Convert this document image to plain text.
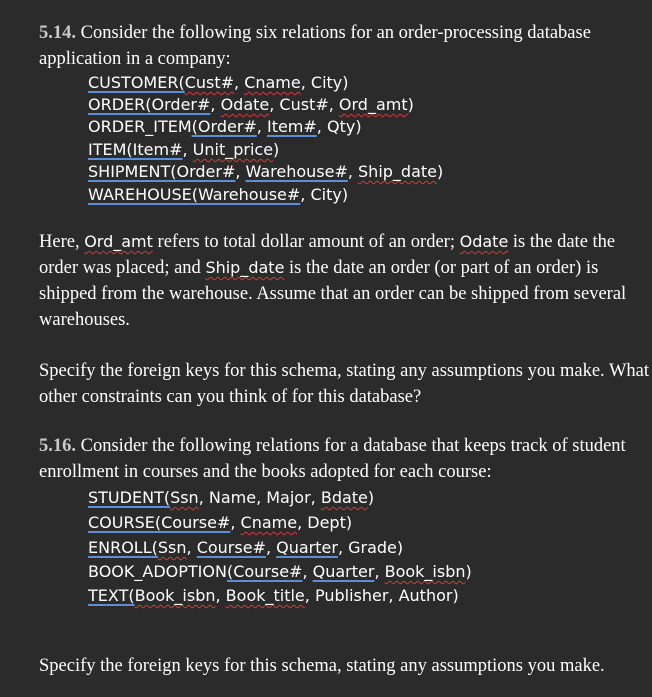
5.14. Consider the following six relations for an order-processing database
application in a company:
CUSTOMER(Cust#, Cname, City)
ORDER(Order#, Odate, Cust#, Ord_amt)
ORDER_ITEM(Order#, Item#, Qty)
ITEM(Item#, Unit_price)
SHIPMENT(Order#, Warehouse#, Ship_date)
WAREHOUSE(Warehouse#, City)
Here, Ord_amt refers to total dollar amount of an order; Odate is the date the
order was placed; and Ship_date is the date an order (or part of an order) is
shipped from the warehouse. Assume that an order can be shipped from several
warehouses.
Specify the foreign keys for this schema, stating any assumptions you make. What
other constraints can you think of for this database?
5.16. Consider the following relations for a database that keeps track of student
enrollment in courses and the books adopted for each course:
STUDENT(Ssn, Name, Major, Bdate)
COURSE(Course#, Cname, Dept)
ENROLL(Ssn, Course#, Quarter, Grade)
BOOK_ADOPTION(Course#, Quarter, Book_isbn)
TEXT(Book_isbn, Book_title, Publisher, Author)
Specify the foreign keys for this schema, stating any assumptions you make.
